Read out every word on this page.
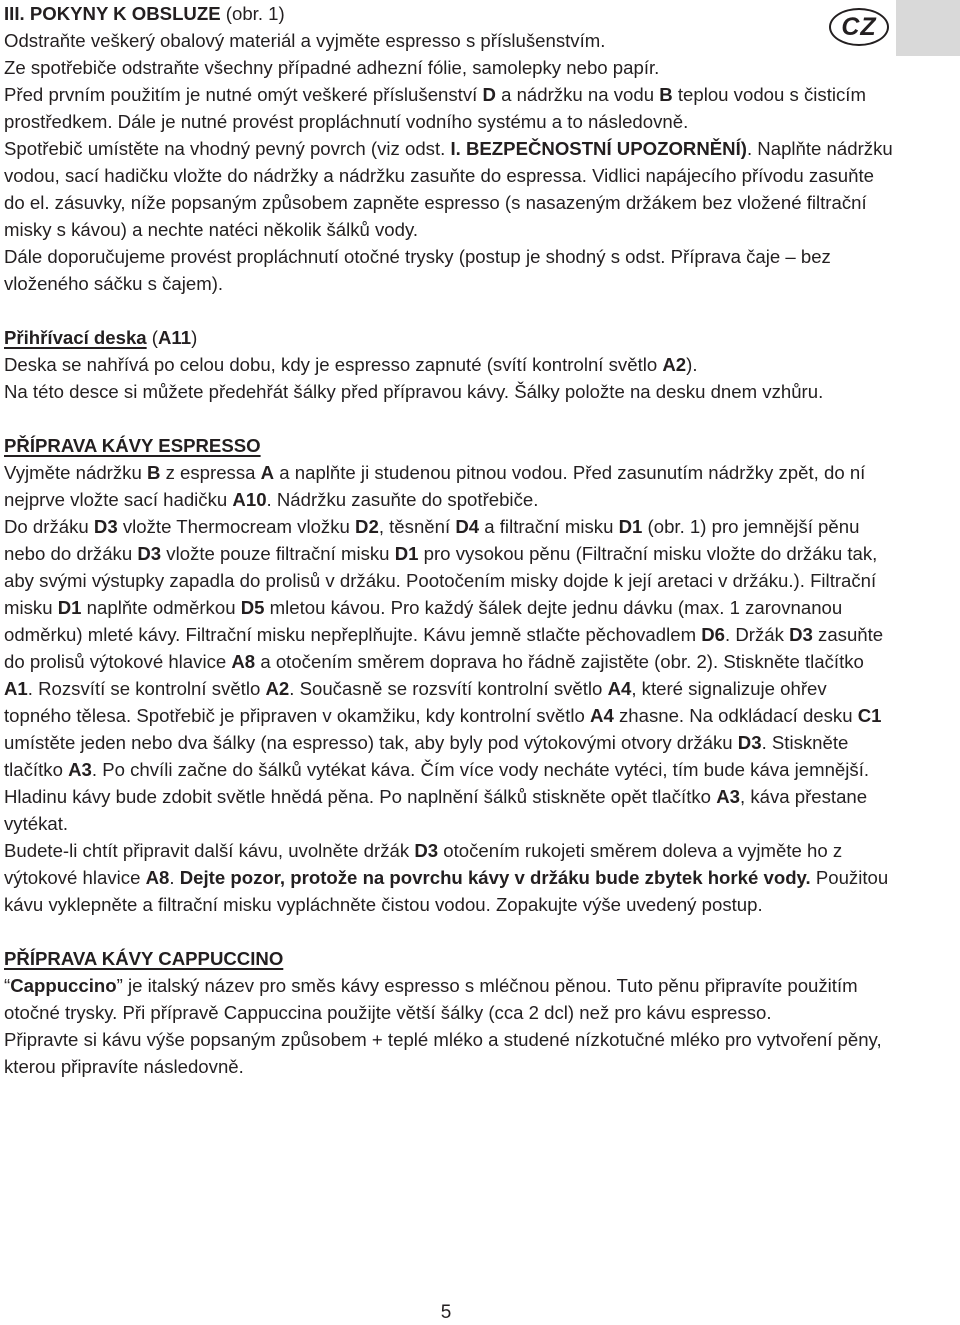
CZ

III. POKYNY K OBSLUZE (obr. 1)

Odstraňte veškerý obalový materiál a vyjměte espresso s příslušenstvím.

Ze spotřebiče odstraňte všechny případné adhezní fólie, samolepky nebo papír.

Před prvním použitím je nutné omýt veškeré příslušenství D a nádržku na vodu B teplou vodou s čisticím prostředkem. Dále je nutné provést propláchnutí vodního systému a to následovně.

Spotřebič umístěte na vhodný pevný povrch (viz odst. I. BEZPEČNOSTNÍ UPOZORNĚNÍ). Naplňte nádržku vodou, sací hadičku vložte do nádržky a nádržku zasuňte do espressa. Vidlici napájecího přívodu zasuňte do el. zásuvky, níže popsaným způsobem zapněte espresso (s nasazeným držákem bez vložené filtrační misky s kávou) a nechte natéci několik šálků vody.

Dále doporučujeme provést propláchnutí otočné trysky (postup je shodný s odst. Příprava čaje – bez vloženého sáčku s čajem).

Přihřívací deska (A11)

Deska se nahřívá po celou dobu, kdy je espresso zapnuté (svítí kontrolní světlo A2).

Na této desce si můžete předehřát šálky před přípravou kávy. Šálky položte na desku dnem vzhůru.

PŘÍPRAVA KÁVY ESPRESSO

Vyjměte nádržku B z espressa A a naplňte ji studenou pitnou vodou. Před zasunutím nádržky zpět, do ní nejprve vložte sací hadičku A10. Nádržku zasuňte do spotřebiče.
Do držáku D3 vložte Thermocream vložku D2, těsnění D4 a filtrační misku D1 (obr. 1) pro jemnější pěnu nebo do držáku D3 vložte pouze filtrační misku D1 pro vysokou pěnu (Filtrační misku vložte do držáku tak, aby svými výstupky zapadla do prolisů v držáku. Pootočením misky dojde k její aretaci v držáku.). Filtrační misku D1 naplňte odměrkou D5 mletou kávou. Pro každý šálek dejte jednu dávku (max. 1 zarovnanou odměrku) mleté kávy. Filtrační misku nepřeplňujte. Kávu jemně stlačte pěchovadlem D6. Držák D3 zasuňte do prolisů výtokové hlavice A8 a otočením směrem doprava ho řádně zajistěte (obr. 2). Stiskněte tlačítko A1. Rozsvítí se kontrolní světlo A2. Současně se rozsvítí kontrolní světlo A4, které signalizuje ohřev topného tělesa. Spotřebič je připraven v okamžiku, kdy kontrolní světlo A4 zhasne. Na odkládací desku C1 umístěte jeden nebo dva šálky (na espresso) tak, aby byly pod výtokovými otvory držáku D3. Stiskněte tlačítko A3. Po chvíli začne do šálků vytékat káva. Čím více vody necháte vytéci, tím bude káva jemnější. Hladinu kávy bude zdobit světle hnědá pěna. Po naplnění šálků stiskněte opět tlačítko A3, káva přestane vytékat.

Budete-li chtít připravit další kávu, uvolněte držák D3 otočením rukojeti směrem doleva a vyjměte ho z výtokové hlavice A8. Dejte pozor, protože na povrchu kávy v držáku bude zbytek horké vody. Použitou kávu vyklepněte a filtrační misku vypláchněte čistou vodou. Zopakujte výše uvedený postup.

PŘÍPRAVA KÁVY CAPPUCCINO

“Cappuccino” je italský název pro směs kávy espresso s mléčnou pěnou. Tuto pěnu připravíte použitím otočné trysky. Při přípravě Cappuccina použijte větší šálky (cca 2 dcl) než pro kávu espresso.

Připravte si kávu výše popsaným způsobem + teplé mléko a studené nízkotučné mléko pro vytvoření pěny, kterou připravíte následovně.

5
